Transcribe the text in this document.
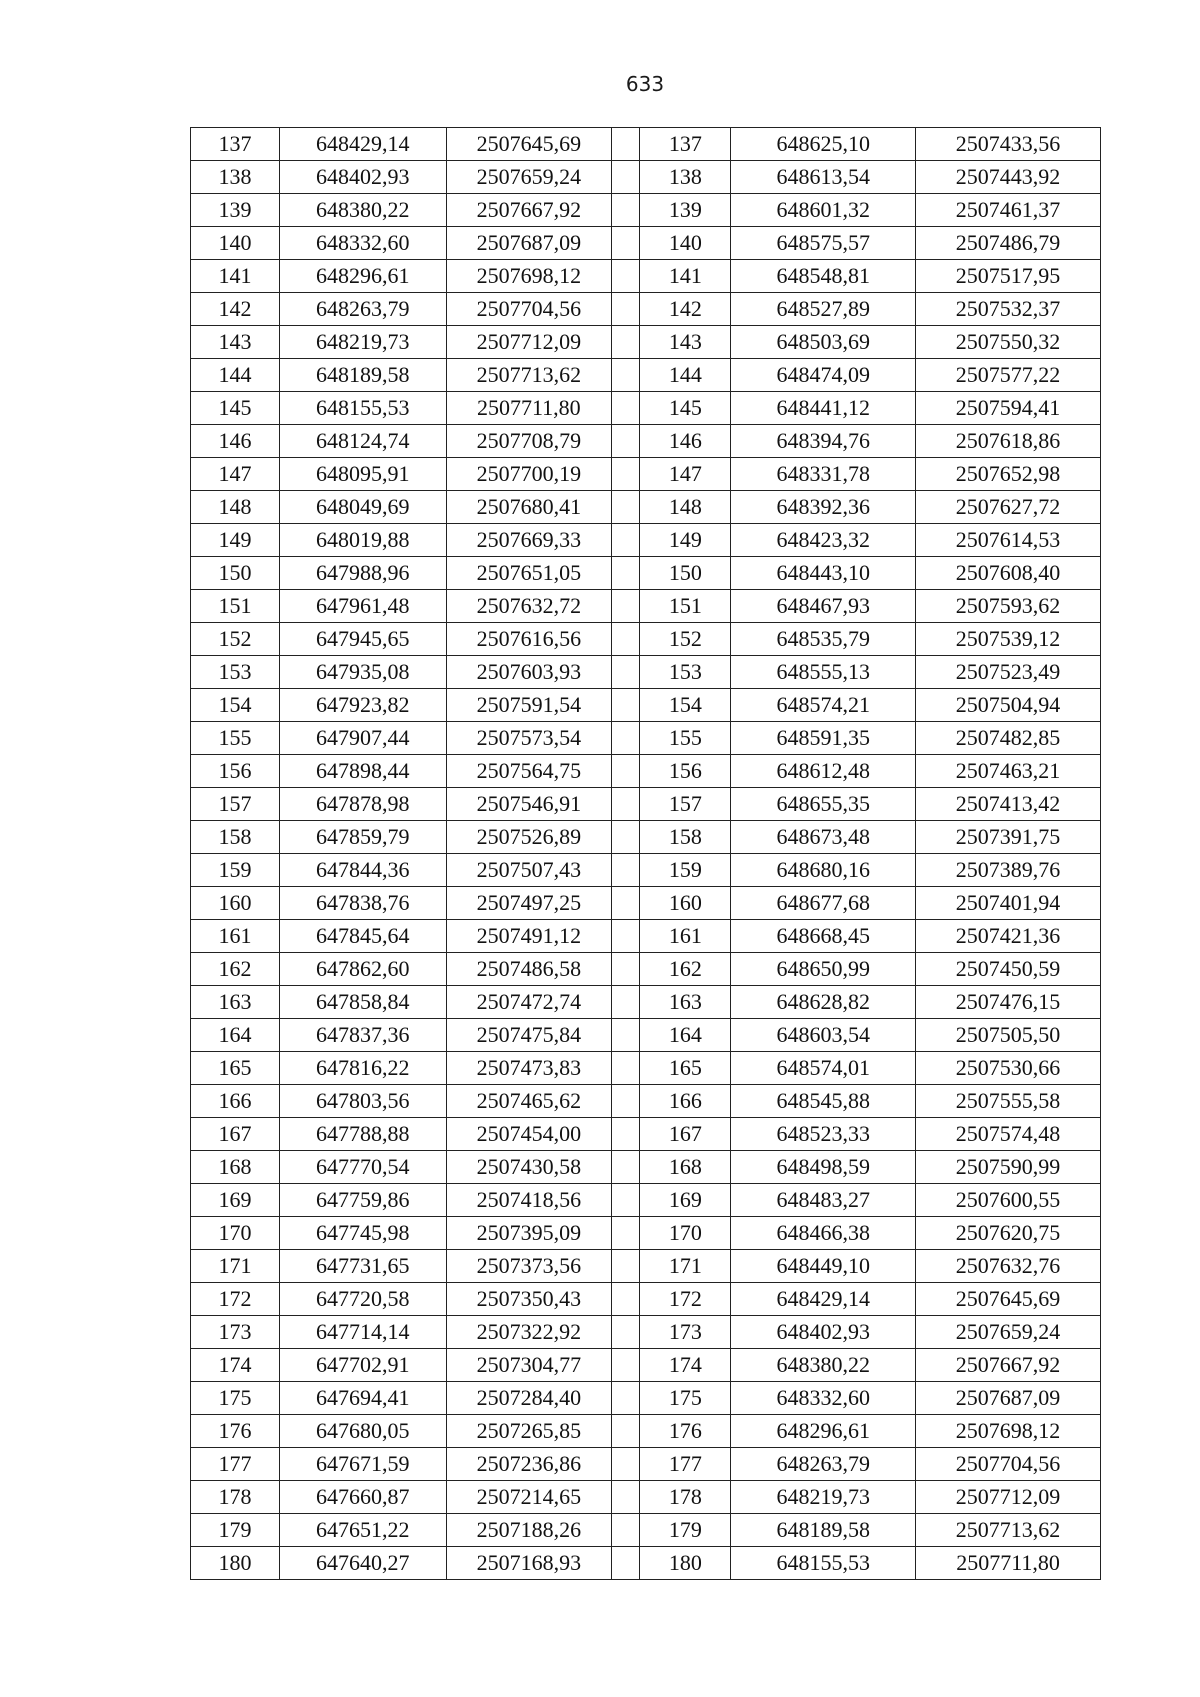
633
137	648429,14	2507645,69		137	648625,10	2507433,56
138	648402,93	2507659,24		138	648613,54	2507443,92
139	648380,22	2507667,92		139	648601,32	2507461,37
140	648332,60	2507687,09		140	648575,57	2507486,79
141	648296,61	2507698,12		141	648548,81	2507517,95
142	648263,79	2507704,56		142	648527,89	2507532,37
143	648219,73	2507712,09		143	648503,69	2507550,32
144	648189,58	2507713,62		144	648474,09	2507577,22
145	648155,53	2507711,80		145	648441,12	2507594,41
146	648124,74	2507708,79		146	648394,76	2507618,86
147	648095,91	2507700,19		147	648331,78	2507652,98
148	648049,69	2507680,41		148	648392,36	2507627,72
149	648019,88	2507669,33		149	648423,32	2507614,53
150	647988,96	2507651,05		150	648443,10	2507608,40
151	647961,48	2507632,72		151	648467,93	2507593,62
152	647945,65	2507616,56		152	648535,79	2507539,12
153	647935,08	2507603,93		153	648555,13	2507523,49
154	647923,82	2507591,54		154	648574,21	2507504,94
155	647907,44	2507573,54		155	648591,35	2507482,85
156	647898,44	2507564,75		156	648612,48	2507463,21
157	647878,98	2507546,91		157	648655,35	2507413,42
158	647859,79	2507526,89		158	648673,48	2507391,75
159	647844,36	2507507,43		159	648680,16	2507389,76
160	647838,76	2507497,25		160	648677,68	2507401,94
161	647845,64	2507491,12		161	648668,45	2507421,36
162	647862,60	2507486,58		162	648650,99	2507450,59
163	647858,84	2507472,74		163	648628,82	2507476,15
164	647837,36	2507475,84		164	648603,54	2507505,50
165	647816,22	2507473,83		165	648574,01	2507530,66
166	647803,56	2507465,62		166	648545,88	2507555,58
167	647788,88	2507454,00		167	648523,33	2507574,48
168	647770,54	2507430,58		168	648498,59	2507590,99
169	647759,86	2507418,56		169	648483,27	2507600,55
170	647745,98	2507395,09		170	648466,38	2507620,75
171	647731,65	2507373,56		171	648449,10	2507632,76
172	647720,58	2507350,43		172	648429,14	2507645,69
173	647714,14	2507322,92		173	648402,93	2507659,24
174	647702,91	2507304,77		174	648380,22	2507667,92
175	647694,41	2507284,40		175	648332,60	2507687,09
176	647680,05	2507265,85		176	648296,61	2507698,12
177	647671,59	2507236,86		177	648263,79	2507704,56
178	647660,87	2507214,65		178	648219,73	2507712,09
179	647651,22	2507188,26		179	648189,58	2507713,62
180	647640,27	2507168,93		180	648155,53	2507711,80
